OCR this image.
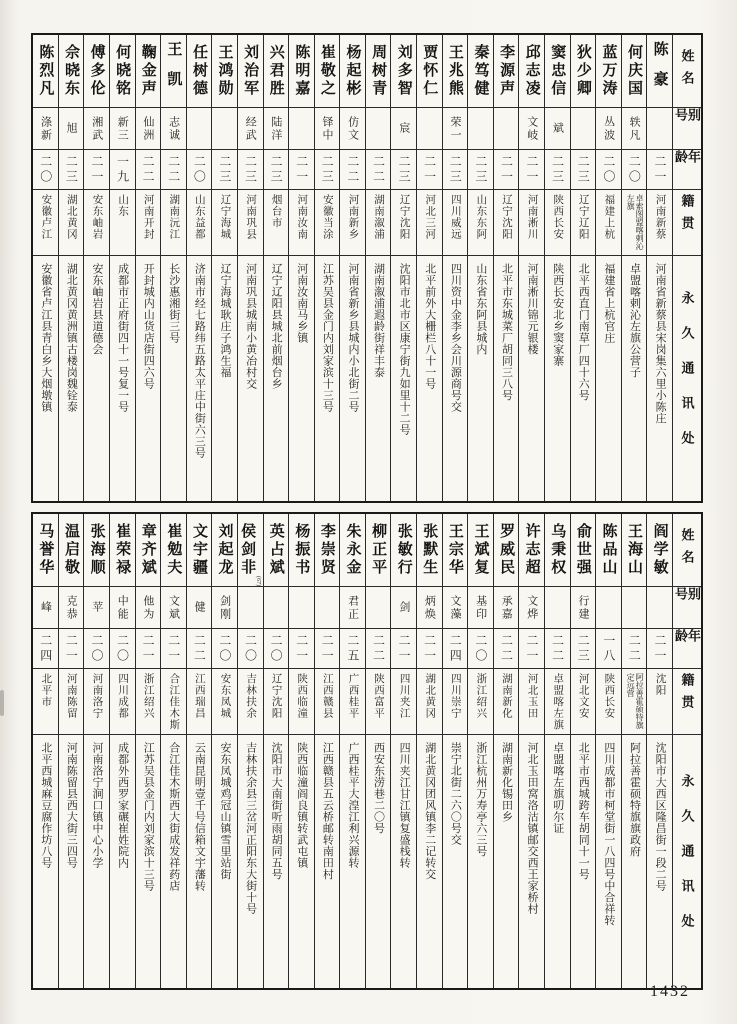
姓名
别号
年龄
籍贯
永久通讯处
陈豪
二一
河南新蔡
河南省新蔡县宋岗集六里小陈庄
何庆国
轶凡
二〇
卓索图盟喀剌沁左旗
卓盟喀剌沁左旗公营子
蓝万涛
丛波
二〇
福建上杭
福建省上杭官庄
狄少卿
二三
辽宁辽阳
北平西直门南草厂四十六号
窦忠信
斌
二三
陕西长安
陕西长安北乡窦家寨
邱志凌
文岐
二一
河南淅川
河南淅川锦元银楼
李源声
二一
辽宁沈阳
北平市东城菜厂胡同三八号
秦笃健
二三
山东东阿
山东省东阿县城内
王兆熊
荣一
二三
四川威远
四川资中金李乡会川源商号交
贾怀仁
二一
河北三河
北平前外大栅栏八十一号
刘多智
宸
二三
辽宁沈阳
沈阳市北市区康宁街九如里十二号
周树青
二二
湖南溆浦
湖南溆浦遐龄街祥丰泰
杨起彬
仿文
二二
河南新乡
河南省新乡县城内小北街二号
崔敬之
铎中
二三
安徽当涂
江苏吴县金门内刘家滨十三号
陈明嘉
二一
河南汝南
河南汝南马乡镇
兴君胜
陆洋
二三
烟台市
辽宁辽阳县城北前烟台乡
刘治军
经武
二三
河南巩县
河南巩县城南小黄冶村交
王鸿勋
二三
辽宁海城
辽宁海城耿庄子鸿生福
任树德
二〇
山东益都
济南市经七路纬五路太平庄中街六三号
王凯
志诚
二二
湖南沅江
长沙惠湘街三号
鞠金声
仙洲
二二
河南开封
开封城内山货店街四六号
何晓铭
新三
一九
山东
成都市正府街四十一号复一号
傅多伦
湘武
二一
安东岫岩
安东岫岩县道德会
佘晓东
旭
二三
湖北黄冈
湖北黄冈黄洲镇古楼岗魏铨泰
陈烈凡
涤新
二〇
安徽卢江
安徽省卢江县青白乡大烟墩镇
姓名
别号
年龄
籍贯
永久通讯处
阎学敏
二一
沈阳
沈阳市大西区隆昌街一段二号
王海山
二二
阿拉善霍硕特旗定远营
阿拉善霍硕特旗旗政府
陈品山
一八
陕西长安
四川成都市柯堂街一八四号中合祥转
俞世强
行建
二三
河北文安
北平市西城跨车胡同十一号
乌秉权
二二
卓盟喀左旗
卓盟喀左旗叨尔证
许志超
文烨
二一
河北玉田
河北玉田窝洛沽镇邮交西王家桥村
罗威民
承嘉
二二
湖南新化
湖南新化锡田乡
王斌复
基印
二〇
浙江绍兴
浙江杭州万寿亭六三号
王宗华
文藻
二四
四川崇宁
崇宁北街二六〇号交
张默生
炳焕
二一
湖北黄冈
湖北黄冈团风镇李二记转交
张敏行
剑
二一
四川夹江
四川夹江甘江镇复盛栈转
柳正平
二二
陕西富平
西安东涝巷二〇号
朱永金
君正
二五
广西桂平
广西桂平大湟江利兴源转
李崇贤
二一
江西赣县
江西赣县五云桥邮转南田村
杨振书
二一
陕西临潼
陕西临潼阎良镇转武屯镇
英占斌
二〇
辽宁沈阳
沈阳市大南街听雨胡同五号
侯剑非
(67)
二〇
吉林扶余
吉林扶余县三岔河正阳东大街十号
刘起龙
剑刚
二〇
安东凤城
安东凤城鸡冠山镇雪里站街
文宇疆
健
二二
江西瑞昌
云南昆明壹千号信箱文宇藩转
崔勉夫
文斌
二一
合江佳木斯
合江佳木斯西大街成发祥药店
章齐斌
他为
二一
浙江绍兴
江苏吴县金门内刘家滨十三号
崔荣禄
中能
二〇
四川成都
成都外西罗家碾崔姓院内
张海顺
苹
二〇
河南洛宁
河南洛宁涧口镇中心小学
温启敬
克恭
二一
河南陈留
河南陈留县西大街三四号
马誉华
峰
二四
北平市
北平西城麻豆腐作坊八号
1432
